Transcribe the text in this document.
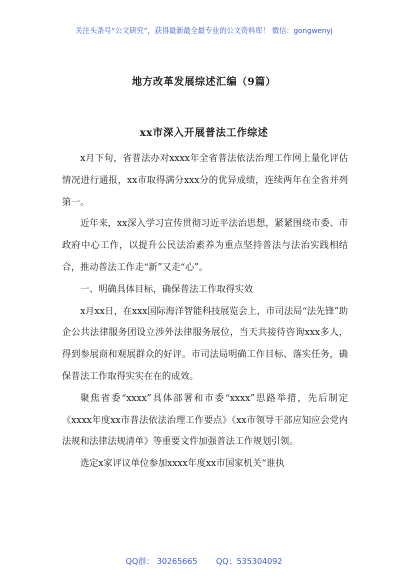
关注头条号“公文研究”，获得最新最全最专业的公文资料库！ 微信：gongwenyj
地方改革发展综述汇编（9篇）
xx市深入开展普法工作综述

x月下旬，省普法办对xxxx年全省普法依法治理工作网上量化评估情况进行通报，xx市取得满分xxx分的优异成绩，连续两年在全省并列第一。

近年来，xx深入学习宣传贯彻习近平法治思想，紧紧围绕市委、市政府中心工作，以提升公民法治素养为重点坚持普法与法治实践相结合，推动普法工作走“新”又走“心”。

一、明确具体目标，确保普法工作取得实效

x月xx日，在xxx国际海洋智能科技展览会上，市司法局“法先锋”助企公共法律服务团设立涉外法律服务展位，当天共接待咨询xxx多人，得到参展商和观展群众的好评。市司法局明确工作目标、落实任务，确保普法工作取得实实在在的成效。

聚焦省委“xxxx”具体部署和市委“xxxx”思路举措，先后制定《xxxx年度xx市普法依法治理工作要点》《xx市领导干部应知应会党内法规和法律法规清单》等重要文件加强普法工作规划引领。

选定x家评议单位参加xxxx年度xx市国家机关“谁执

QQ群： 30265665 QQ：535304092
